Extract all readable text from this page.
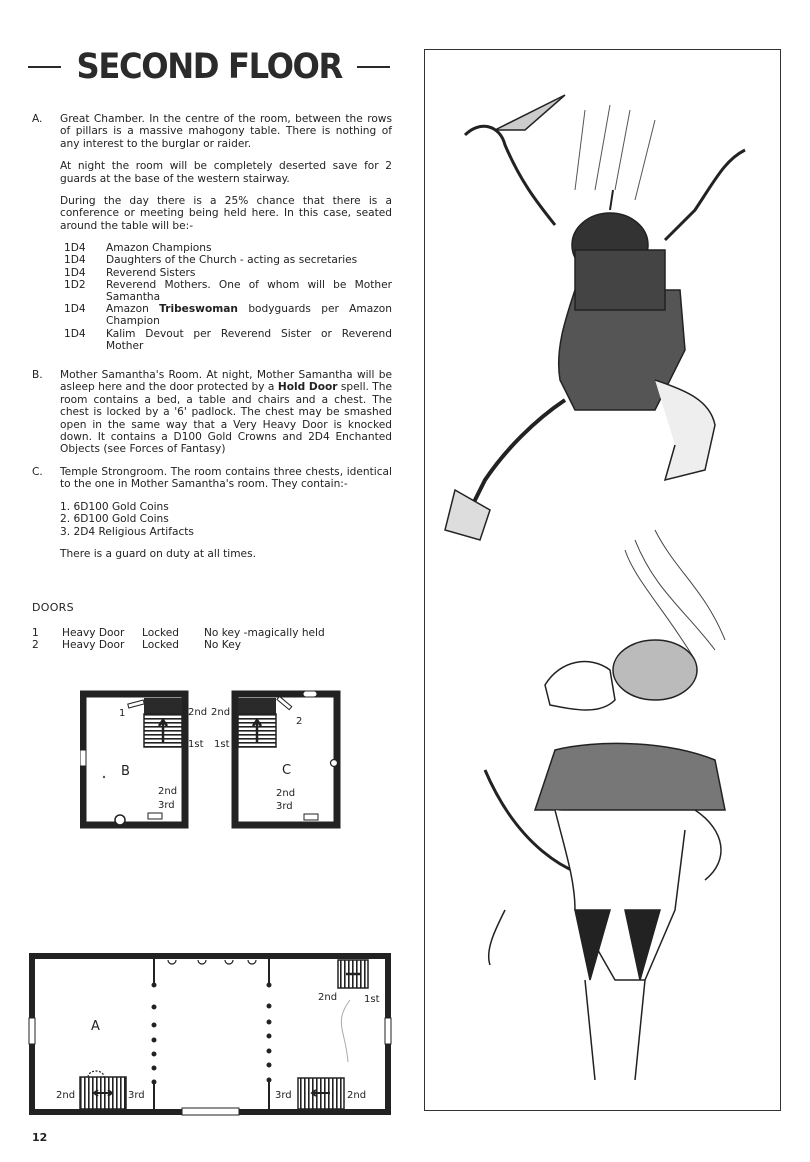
SECOND FLOOR
A.	Great Chamber. In the centre of the room, between the rows of pillars is a massive mahogony table. There is nothing of any interest to the burglar or raider.

At night the room will be completely deserted save for 2 guards at the base of the western stairway.

During the day there is a 25% chance that there is a conference or meeting being held here. In this case, seated around the table will be:-

1D4	Amazon Champions
1D4	Daughters of the Church - acting as secretaries
1D4	Reverend Sisters
1D2	Reverend Mothers. One of whom will be Mother Samantha
1D4	Amazon Tribeswoman bodyguards per Amazon Champion
1D4	Kalim Devout per Reverend Sister or Reverend Mother
B.	Mother Samantha's Room. At night, Mother Samantha will be asleep here and the door protected by a Hold Door spell. The room contains a bed, a table and chairs and a chest. The chest is locked by a '6' padlock. The chest may be smashed open in the same way that a Very Heavy Door is knocked down. It contains a D100 Gold Crowns and 2D4 Enchanted Objects (see Forces of Fantasy)

C.	Temple Strongroom. The room contains three chests, identical to the one in Mother Samantha's room. They contain:-

1. 6D100 Gold Coins
2. 6D100 Gold Coins
3. 2D4 Religious Artifacts

There is a guard on duty at all times.

DOORS
1	Heavy Door	Locked	No key -magically held
2	Heavy Door	Locked	No Key
B
1
2nd
3rd
2nd
1st
C
2
2nd
3rd
2nd
1st
A
2nd	3rd	3rd	2nd
2nd	1st
12
